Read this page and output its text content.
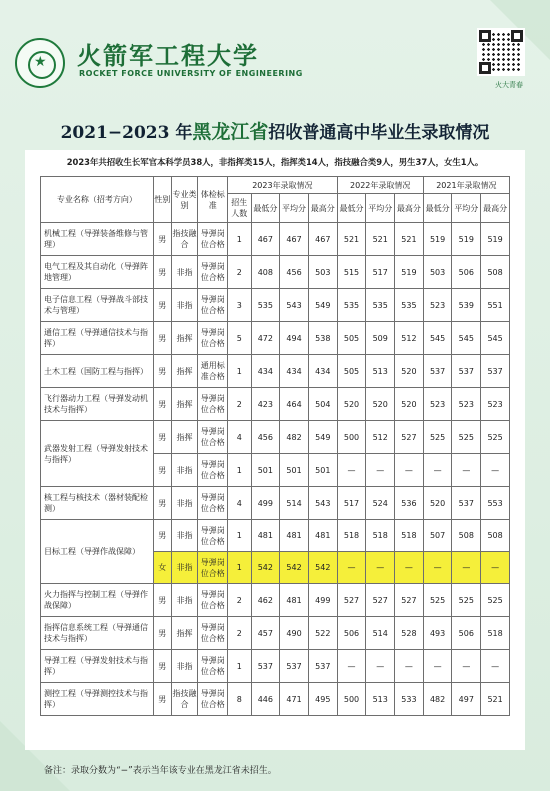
★ 火箭军工程大学
ROCKET FORCE UNIVERSITY OF ENGINEERING
火大青春
2021−2023 年黑龙江省招收普通高中毕业生录取情况
2023年共招收生长军官本科学员38人，非指挥类15人，指挥类14人，指技融合类9人，男生37人，女生1人。
专业名称（招考方向）	性别	专业类别	体检标准	2023年录取情况				2022年录取情况			2021年录取情况		
				招生人数	最低分	平均分	最高分	最低分	平均分	最高分	最低分	平均分	最高分
机械工程（导弹装备维修与管理）	男	指技融合	导弹岗位合格	1	467	467	467	521	521	521	519	519	519
电气工程及其自动化（导弹阵地管理）	男	非指	导弹岗位合格	2	408	456	503	515	517	519	503	506	508
电子信息工程（导弹战斗部技术与管理）	男	非指	导弹岗位合格	3	535	543	549	535	535	535	523	539	551
通信工程（导弹通信技术与指挥）	男	指挥	导弹岗位合格	5	472	494	538	505	509	512	545	545	545
土木工程（国防工程与指挥）	男	指挥	通用标准合格	1	434	434	434	505	513	520	537	537	537
飞行器动力工程（导弹发动机技术与指挥）	男	指挥	导弹岗位合格	2	423	464	504	520	520	520	523	523	523
武器发射工程（导弹发射技术与指挥）	男	指挥	导弹岗位合格	4	456	482	549	500	512	527	525	525	525
	男	非指	导弹岗位合格	1	501	501	501	—	—	—	—	—	—
核工程与核技术（器材装配检测）	男	非指	导弹岗位合格	4	499	514	543	517	524	536	520	537	553
目标工程（导弹作战保障）	男	非指	导弹岗位合格	1	481	481	481	518	518	518	507	508	508
	女	非指	导弹岗位合格	1	542	542	542	—	—	—	—	—	—
火力指挥与控制工程（导弹作战保障）	男	非指	导弹岗位合格	2	462	481	499	527	527	527	525	525	525
指挥信息系统工程（导弹通信技术与指挥）	男	指挥	导弹岗位合格	2	457	490	522	506	514	528	493	506	518
导弹工程（导弹发射技术与指挥）	男	非指	导弹岗位合格	1	537	537	537	—	—	—	—	—	—
测控工程（导弹测控技术与指挥）	男	指技融合	导弹岗位合格	8	446	471	495	500	513	533	482	497	521
备注：录取分数为“−”表示当年该专业在黑龙江省未招生。
